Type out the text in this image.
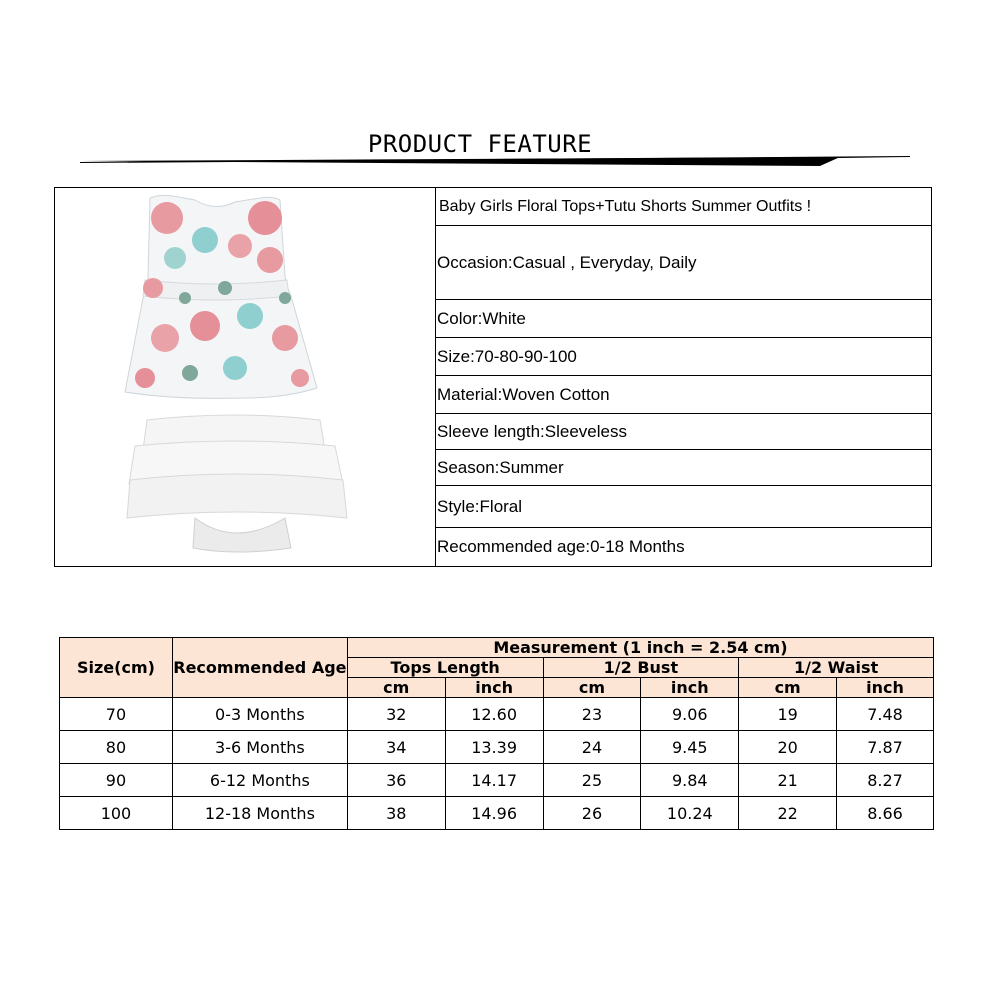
PRODUCT FEATURE
Baby Girls Floral Tops+Tutu Shorts Summer Outfits !
Occasion: Casual , Everyday, Daily
Color: White
Size: 70-80-90-100
Material: Woven Cotton
Sleeve length: Sleeveless
Season: Summer
Style: Floral
Recommended age: 0-18 Months
Size(cm)	Recommended Age	Measurement (1 inch = 2.54 cm)					
		Tops Length		1/2 Bust		1/2 Waist	
		cm	inch	cm	inch	cm	inch
70	0-3 Months	32	12.60	23	9.06	19	7.48
80	3-6 Months	34	13.39	24	9.45	20	7.87
90	6-12 Months	36	14.17	25	9.84	21	8.27
100	12-18 Months	38	14.96	26	10.24	22	8.66
